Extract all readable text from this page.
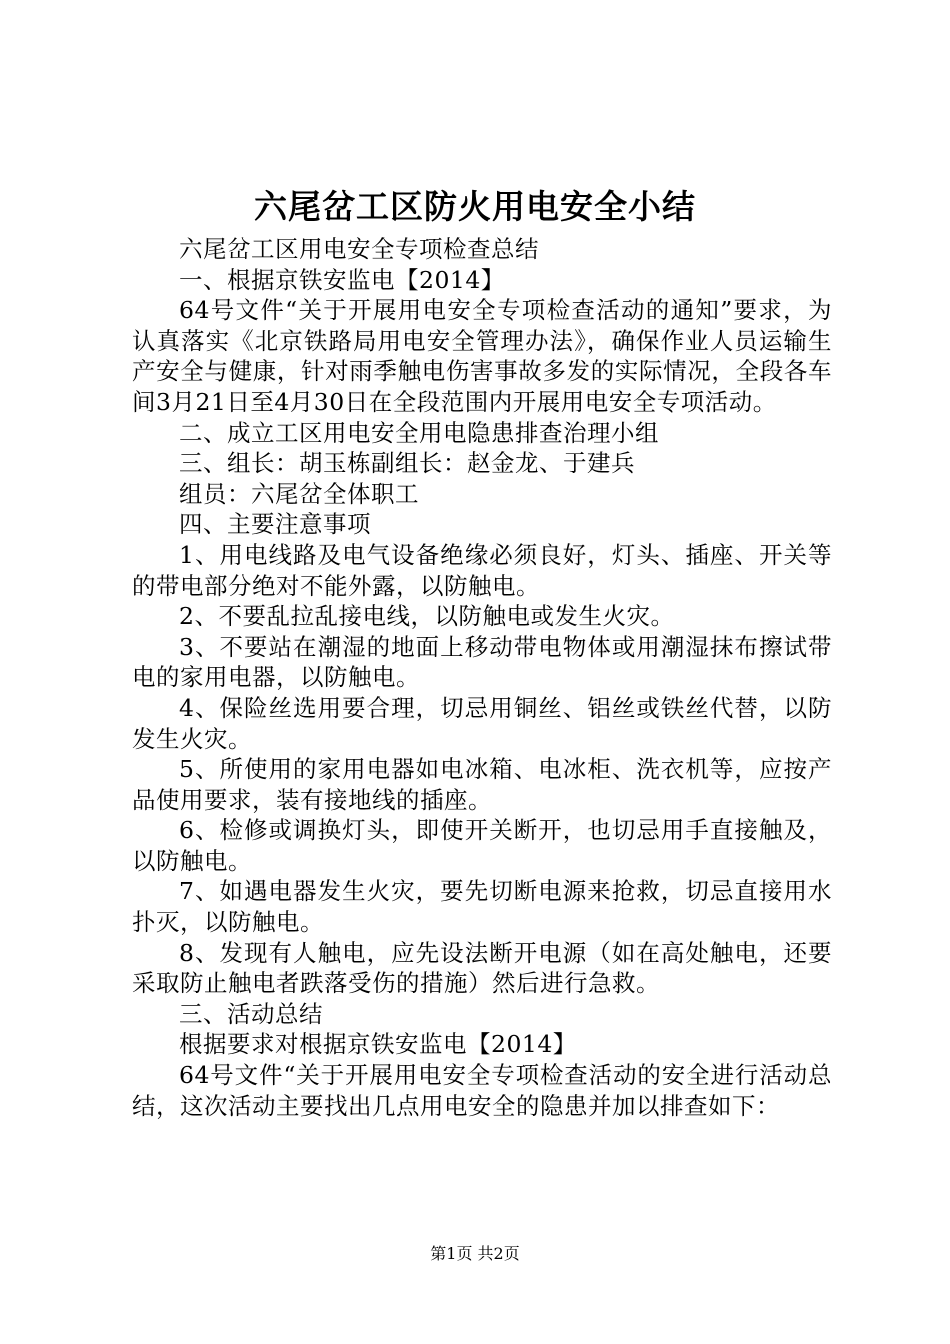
六尾岔工区防火用电安全小结

六尾岔工区用电安全专项检查总结

一、根据京铁安监电【2014】

64号文件“关于开展用电安全专项检查活动的通知”要求，为认真落实《北京铁路局用电安全管理办法》，确保作业人员运输生产安全与健康，针对雨季触电伤害事故多发的实际情况，全段各车间3月21日至4月30日在全段范围内开展用电安全专项活动。

二、成立工区用电安全用电隐患排查治理小组

三、组长：胡玉栋副组长：赵金龙、于建兵

组员：六尾岔全体职工

四、主要注意事项

1、用电线路及电气设备绝缘必须良好，灯头、插座、开关等的带电部分绝对不能外露，以防触电。

2、不要乱拉乱接电线，以防触电或发生火灾。

3、不要站在潮湿的地面上移动带电物体或用潮湿抹布擦试带电的家用电器，以防触电。

4、保险丝选用要合理，切忌用铜丝、铝丝或铁丝代替，以防发生火灾。

5、所使用的家用电器如电冰箱、电冰柜、洗衣机等，应按产品使用要求，装有接地线的插座。

6、检修或调换灯头，即使开关断开，也切忌用手直接触及，以防触电。

7、如遇电器发生火灾，要先切断电源来抢救，切忌直接用水扑灭，以防触电。

8、发现有人触电，应先设法断开电源（如在高处触电，还要采取防止触电者跌落受伤的措施）然后进行急救。

三、活动总结

根据要求对根据京铁安监电【2014】

64号文件“关于开展用电安全专项检查活动的安全进行活动总结，这次活动主要找出几点用电安全的隐患并加以排查如下：

第1页 共2页
